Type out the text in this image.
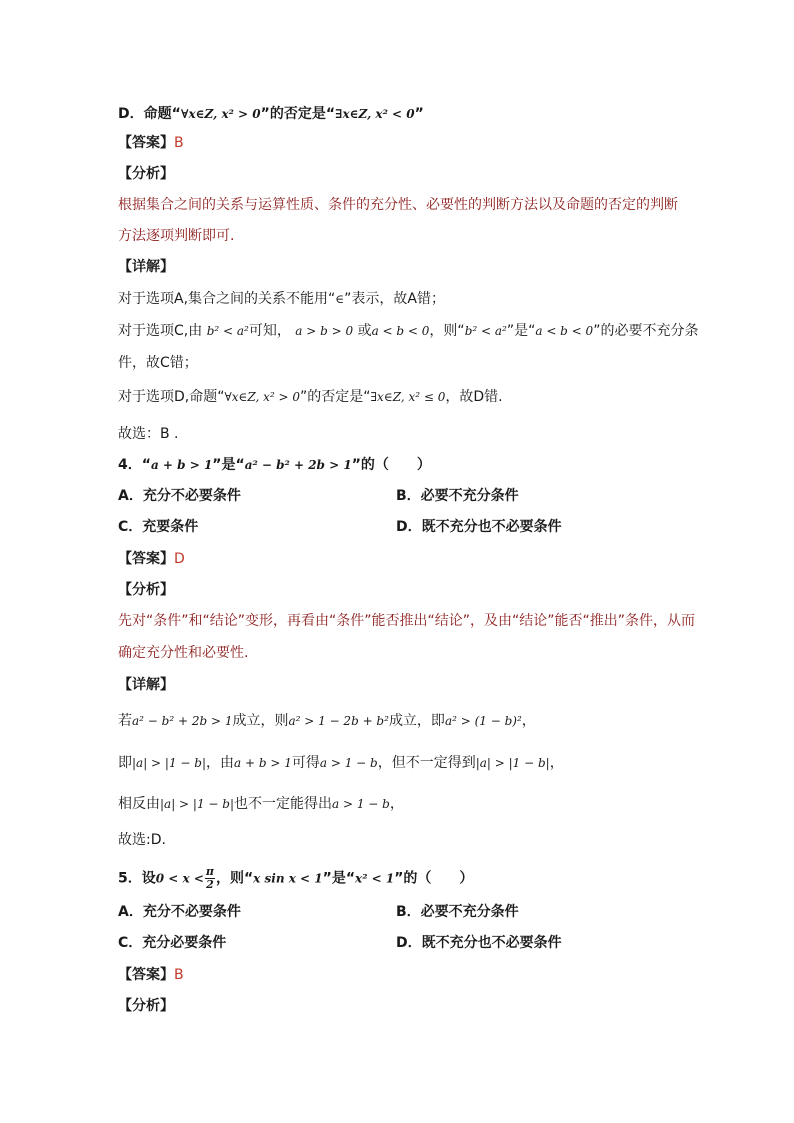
D．命题“∀x∈Z, x² > 0”的否定是“∃x∈Z, x² < 0”
【答案】B
【分析】
根据集合之间的关系与运算性质、条件的充分性、必要性的判断方法以及命题的否定的判断
方法逐项判断即可.
【详解】
对于选项A,集合之间的关系不能用“∈”表示，故A错；
对于选项C,由 b² < a²可知， a > b > 0 或a < b < 0，则“b² < a²”是“a < b < 0”的必要不充分条
件，故C错；
对于选项D,命题“∀x∈Z, x² > 0”的否定是“∃x∈Z, x² ≤ 0，故D错.
故选：B .
4．“a + b > 1”是“a² − b² + 2b > 1”的（　　）
A．充分不必要条件	B．必要不充分条件
C．充要条件	D．既不充分也不必要条件
【答案】D
【分析】
先对“条件”和“结论”变形，再看由“条件”能否推出“结论”，及由“结论”能否“推出”条件，从而
确定充分性和必要性.
【详解】
若a² − b² + 2b > 1成立，则a² > 1 − 2b + b²成立，即a² > (1 − b)²，
即|a| > |1 − b|，由a + b > 1可得a > 1 − b，但不一定得到|a| > |1 − b|，
相反由|a| > |1 − b|也不一定能得出a > 1 − b，
故选:D.
5．设$0 < x < \frac{\pi}{2}$ ，则“x sin x < 1”是“x² < 1”的（　　）
A．充分不必要条件	B．必要不充分条件
C．充分必要条件	D．既不充分也不必要条件
【答案】B
【分析】
